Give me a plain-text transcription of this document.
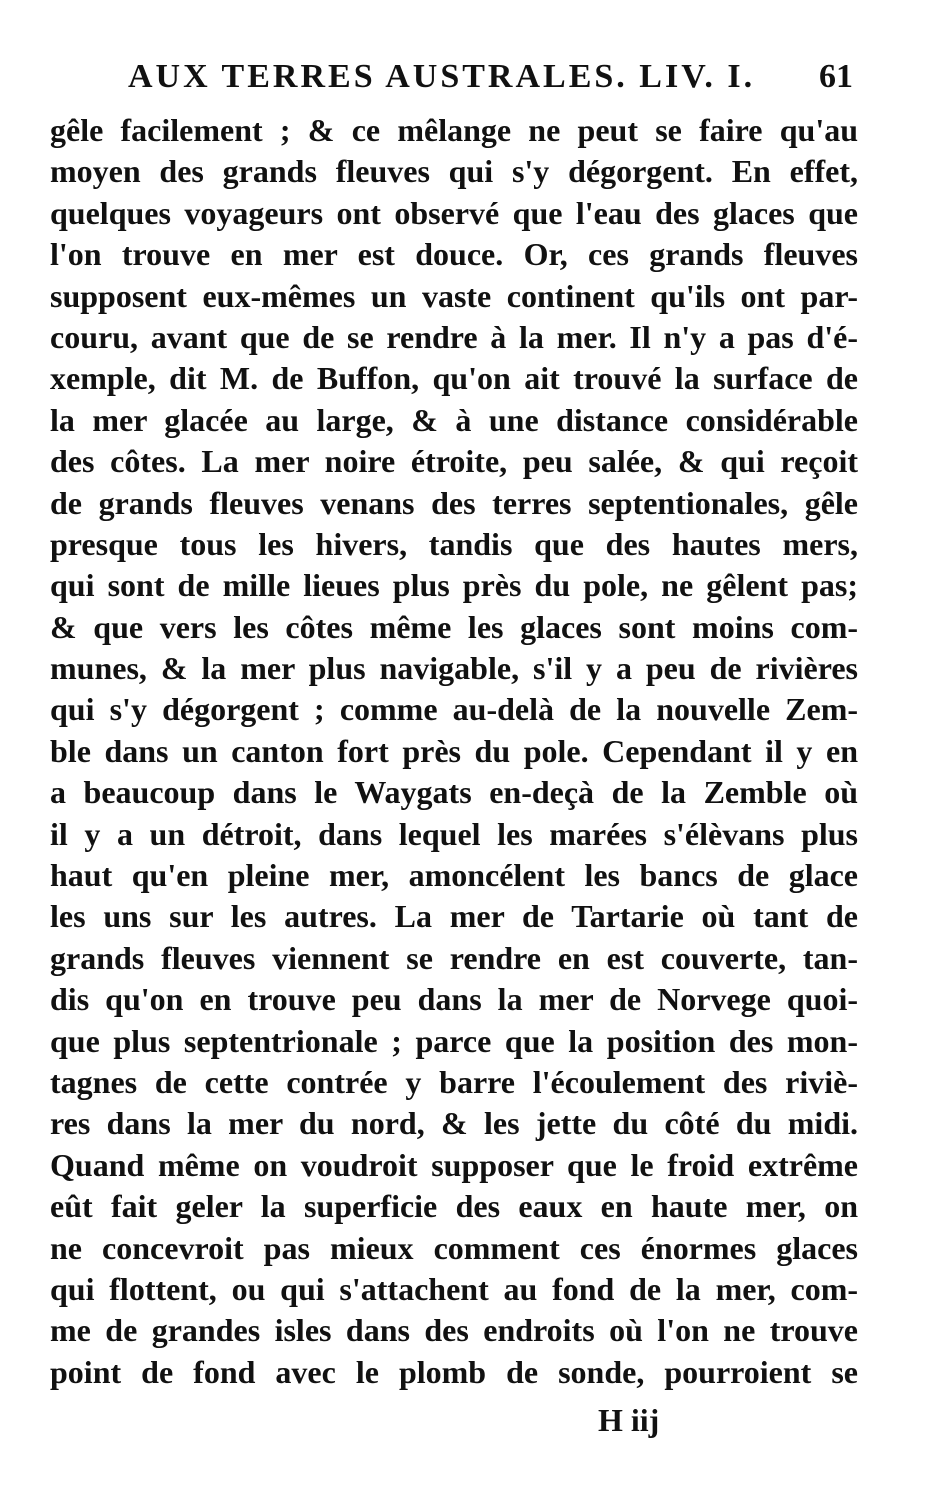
AUX TERRES AUSTRALES. LIV. I. 61
gêle facilement ; & ce mêlange ne peut se faire qu'au
moyen des grands fleuves qui s'y dégorgent. En effet,
quelques voyageurs ont observé que l'eau des glaces que
l'on trouve en mer est douce. Or, ces grands fleuves
supposent eux-mêmes un vaste continent qu'ils ont par-
couru, avant que de se rendre à la mer. Il n'y a pas d'é-
xemple, dit M. de Buffon, qu'on ait trouvé la surface de
la mer glacée au large, & à une distance considérable
des côtes. La mer noire étroite, peu salée, & qui reçoit
de grands fleuves venans des terres septentionales, gêle
presque tous les hivers, tandis que des hautes mers,
qui sont de mille lieues plus près du pole, ne gêlent pas;
& que vers les côtes même les glaces sont moins com-
munes, & la mer plus navigable, s'il y a peu de rivières
qui s'y dégorgent ; comme au-delà de la nouvelle Zem-
ble dans un canton fort près du pole. Cependant il y en
a beaucoup dans le Waygats en-deçà de la Zemble où
il y a un détroit, dans lequel les marées s'élèvans plus
haut qu'en pleine mer, amoncélent les bancs de glace
les uns sur les autres. La mer de Tartarie où tant de
grands fleuves viennent se rendre en est couverte, tan-
dis qu'on en trouve peu dans la mer de Norvege quoi-
que plus septentrionale ; parce que la position des mon-
tagnes de cette contrée y barre l'écoulement des riviè-
res dans la mer du nord, & les jette du côté du midi.
Quand même on voudroit supposer que le froid extrême
eût fait geler la superficie des eaux en haute mer, on
ne concevroit pas mieux comment ces énormes glaces
qui flottent, ou qui s'attachent au fond de la mer, com-
me de grandes isles dans des endroits où l'on ne trouve
point de fond avec le plomb de sonde, pourroient se
H iij
